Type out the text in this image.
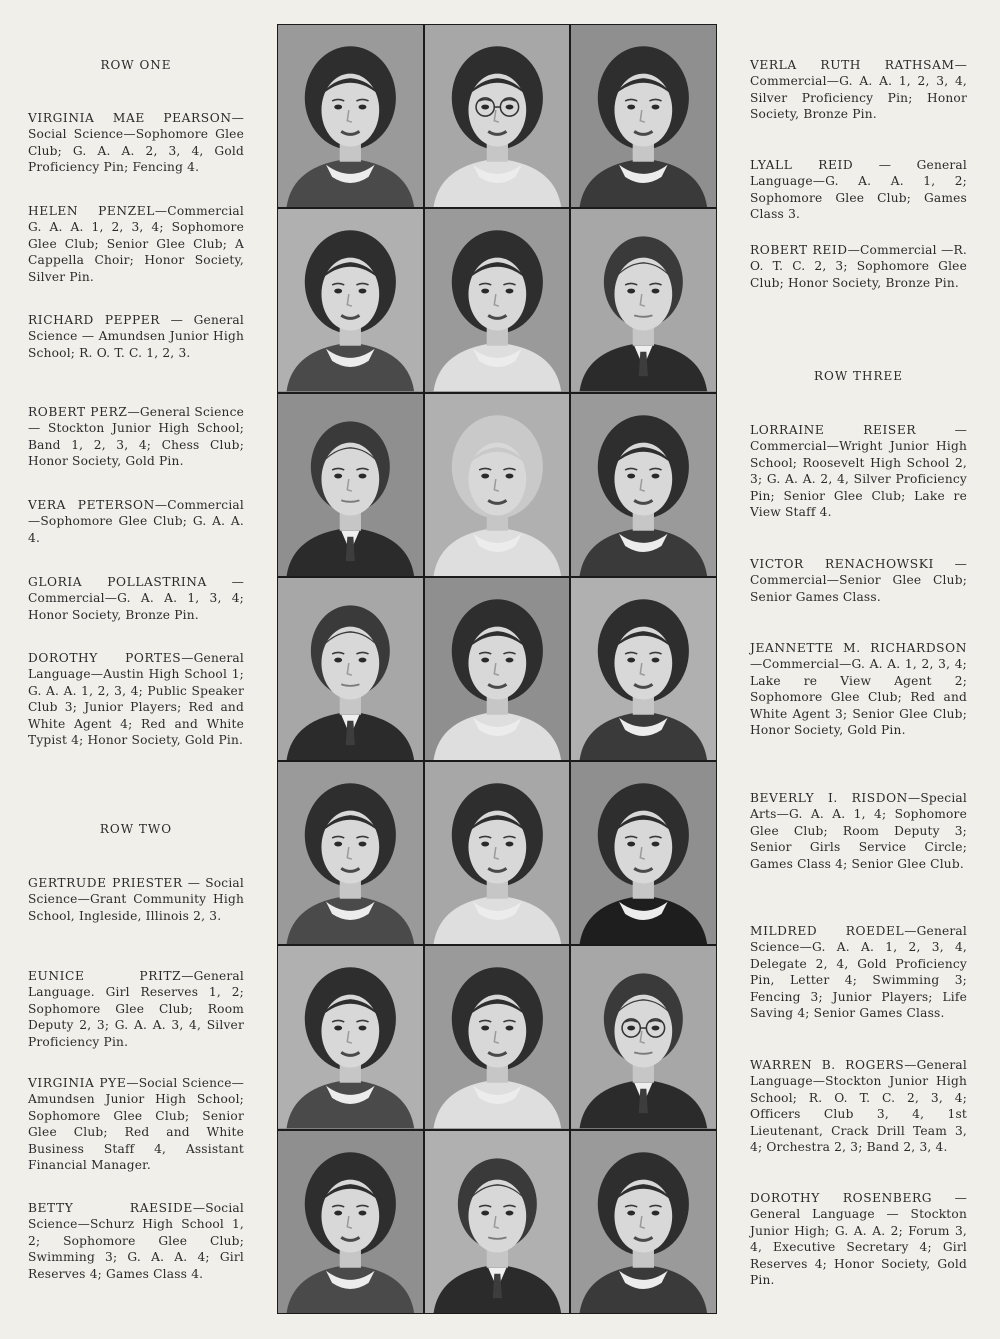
ROW ONE

VIRGINIA MAE PEARSON—Social Science—Sophomore Glee Club; G. A. A. 2, 3, 4, Gold Proficiency Pin; Fencing 4.

HELEN PENZEL—Commercial G. A. A. 1, 2, 3, 4; Sophomore Glee Club; Senior Glee Club; A Cappella Choir; Honor Society, Silver Pin.

RICHARD PEPPER — General Science — Amundsen Junior High School; R. O. T. C. 1, 2, 3.

ROBERT PERZ—General Science — Stockton Junior High School; Band 1, 2, 3, 4; Chess Club; Honor Society, Gold Pin.

VERA PETERSON—Commercial—Sophomore Glee Club; G. A. A. 4.

GLORIA POLLASTRINA — Commercial—G. A. A. 1, 3, 4; Honor Society, Bronze Pin.

DOROTHY PORTES—General Language—Austin High School 1; G. A. A. 1, 2, 3, 4; Public Speaker Club 3; Junior Players; Red and White Agent 4; Red and White Typist 4; Honor Society, Gold Pin.

ROW TWO

GERTRUDE PRIESTER — Social Science—Grant Community High School, Ingleside, Illinois 2, 3.

EUNICE PRITZ—General Language. Girl Reserves 1, 2; Sophomore Glee Club; Room Deputy 2, 3; G. A. A. 3, 4, Silver Proficiency Pin.

VIRGINIA PYE—Social Science—Amundsen Junior High School; Sophomore Glee Club; Senior Glee Club; Red and White Business Staff 4, Assistant Financial Manager.

BETTY RAESIDE—Social Science—Schurz High School 1, 2; Sophomore Glee Club; Swimming 3; G. A. A. 4; Girl Reserves 4; Games Class 4.

VERLA RUTH RATHSAM—Commercial—G. A. A. 1, 2, 3, 4, Silver Proficiency Pin; Honor Society, Bronze Pin.

LYALL REID — General Language—G. A. A. 1, 2; Sophomore Glee Club; Games Class 3.

ROBERT REID—Commercial —R. O. T. C. 2, 3; Sophomore Glee Club; Honor Society, Bronze Pin.

ROW THREE

LORRAINE REISER — Commercial—Wright Junior High School; Roosevelt High School 2, 3; G. A. A. 2, 4, Silver Proficiency Pin; Senior Glee Club; Lake re View Staff 4.

VICTOR RENACHOWSKI — Commercial—Senior Glee Club; Senior Games Class.

JEANNETTE M. RICHARDSON—Commercial—G. A. A. 1, 2, 3, 4; Lake re View Agent 2; Sophomore Glee Club; Red and White Agent 3; Senior Glee Club; Honor Society, Gold Pin.

BEVERLY I. RISDON—Special Arts—G. A. A. 1, 4; Sophomore Glee Club; Room Deputy 3; Senior Girls Service Circle; Games Class 4; Senior Glee Club.

MILDRED ROEDEL—General Science—G. A. A. 1, 2, 3, 4, Delegate 2, 4, Gold Proficiency Pin, Letter 4; Swimming 3; Fencing 3; Junior Players; Life Saving 4; Senior Games Class.

WARREN B. ROGERS—General Language—Stockton Junior High School; R. O. T. C. 2, 3, 4; Officers Club 3, 4, 1st Lieutenant, Crack Drill Team 3, 4; Orchestra 2, 3; Band 2, 3, 4.

DOROTHY ROSENBERG — General Language — Stockton Junior High; G. A. A. 2; Forum 3, 4, Executive Secretary 4; Girl Reserves 4; Honor Society, Gold Pin.
